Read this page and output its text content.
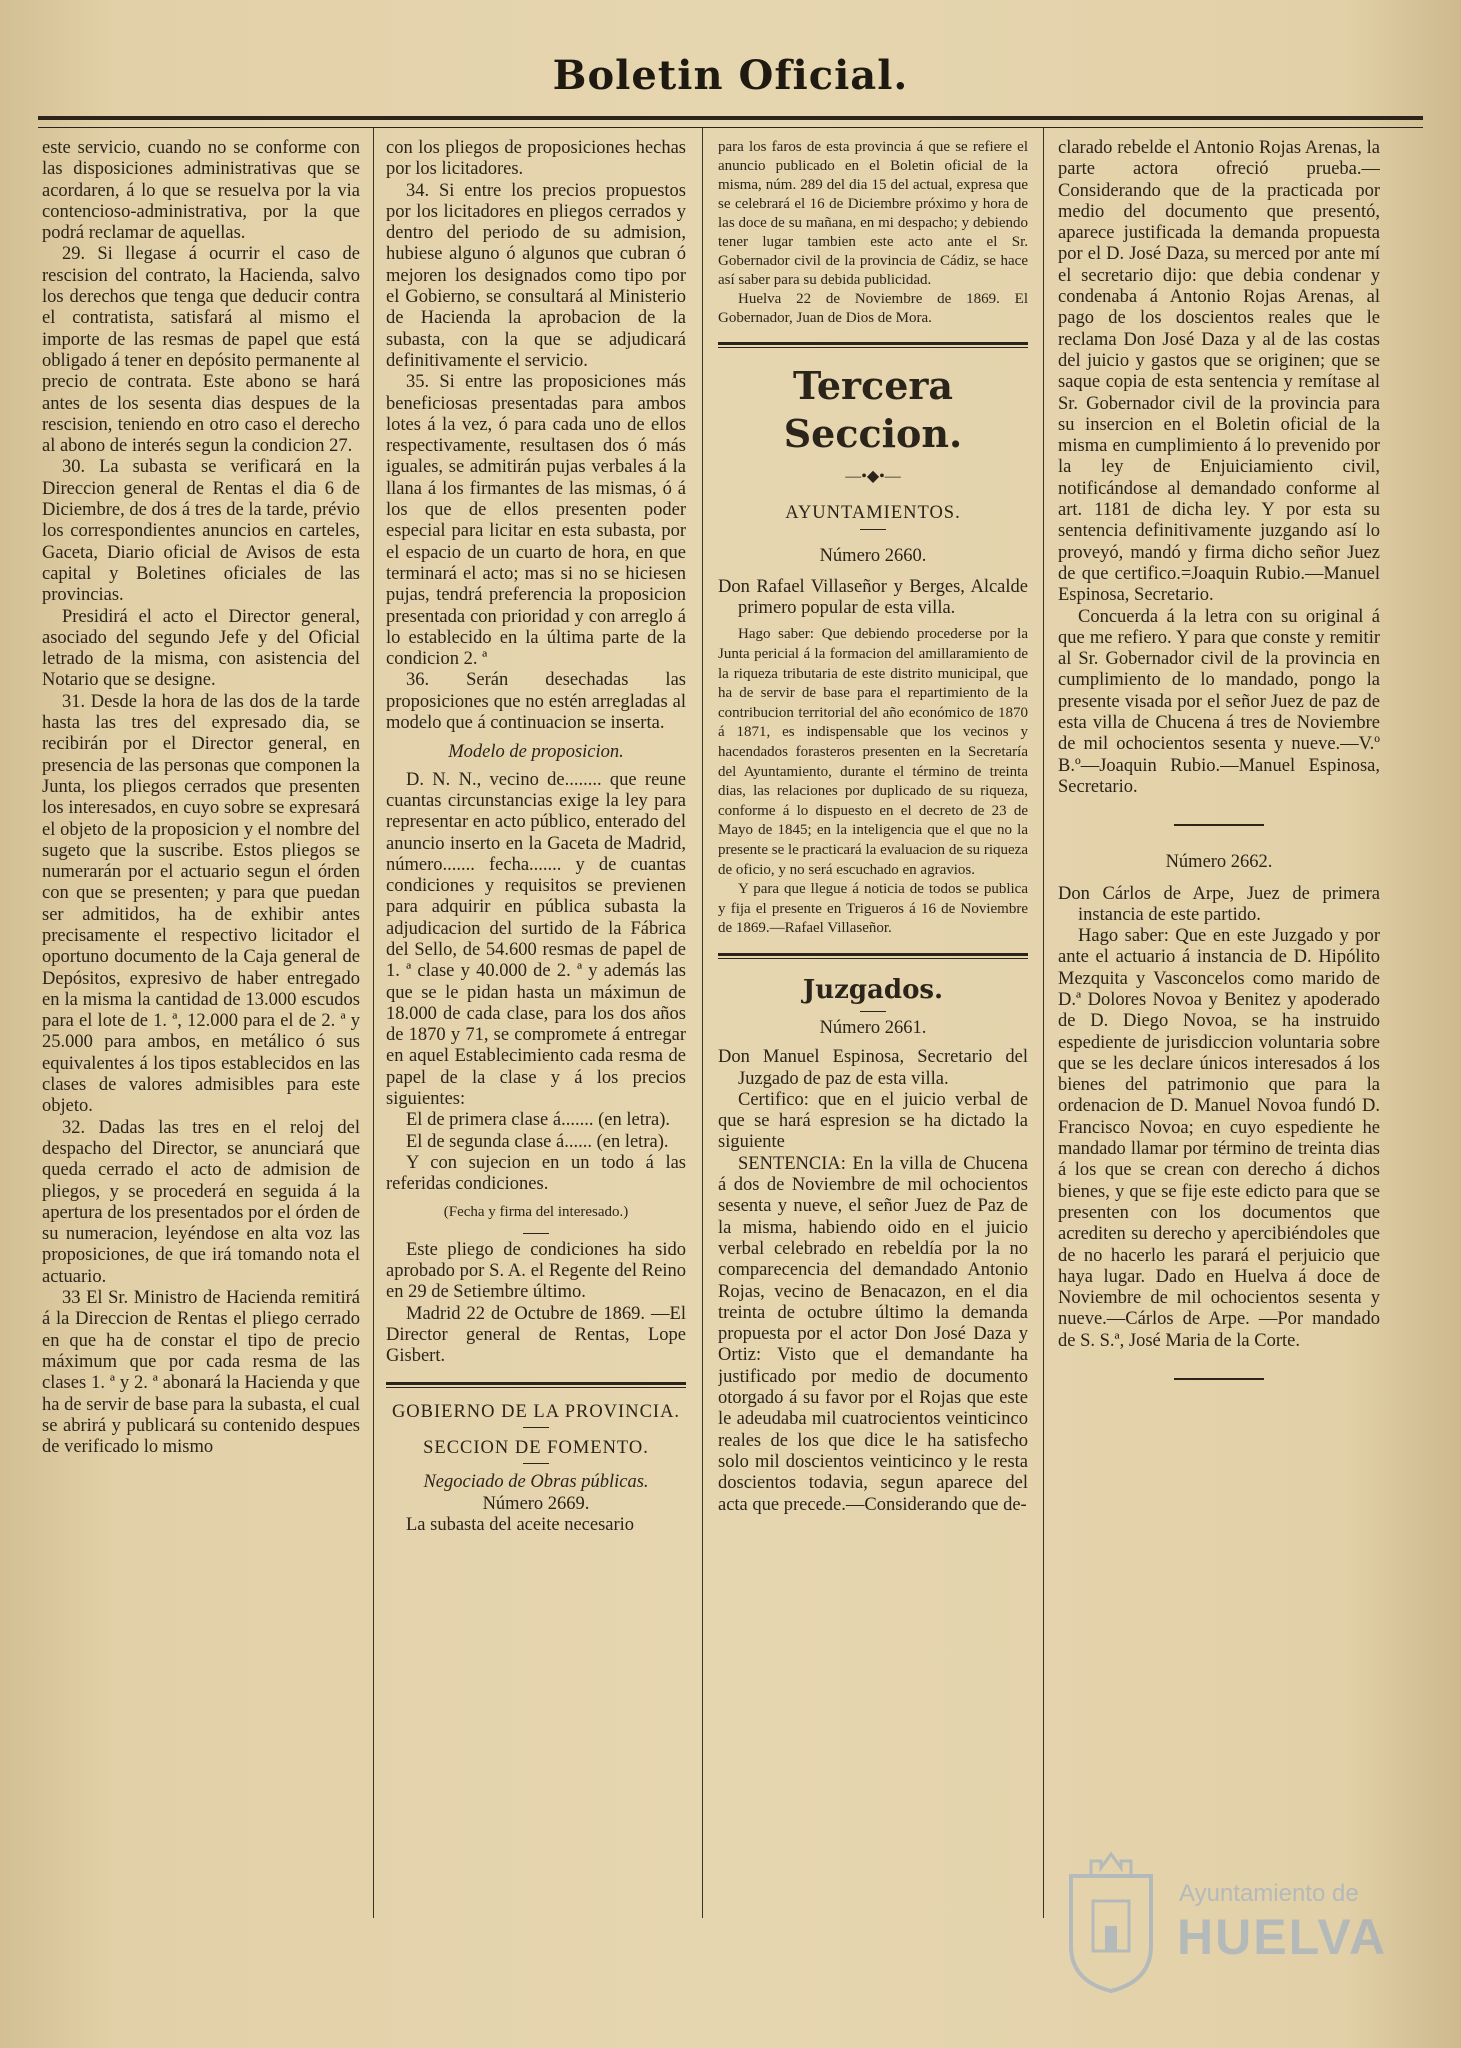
Boletin Oficial.

este servicio, cuando no se conforme con las disposiciones administrativas que se acordaren, á lo que se resuelva por la via contencioso-administrativa, por la que podrá reclamar de aquellas.

29. Si llegase á ocurrir el caso de rescision del contrato, la Hacienda, salvo los derechos que tenga que deducir contra el contratista, satisfará al mismo el importe de las resmas de papel que está obligado á tener en depósito permanente al precio de contrata. Este abono se hará antes de los sesenta dias despues de la rescision, teniendo en otro caso el derecho al abono de interés segun la condicion 27.

30. La subasta se verificará en la Direccion general de Rentas el dia 6 de Diciembre, de dos á tres de la tarde, prévio los correspondientes anuncios en carteles, Gaceta, Diario oficial de Avisos de esta capital y Boletines oficiales de las provincias.

Presidirá el acto el Director general, asociado del segundo Jefe y del Oficial letrado de la misma, con asistencia del Notario que se designe.

31. Desde la hora de las dos de la tarde hasta las tres del expresado dia, se recibirán por el Director general, en presencia de las personas que componen la Junta, los pliegos cerrados que presenten los interesados, en cuyo sobre se expresará el objeto de la proposicion y el nombre del sugeto que la suscribe. Estos pliegos se numerarán por el actuario segun el órden con que se presenten; y para que puedan ser admitidos, ha de exhibir antes precisamente el respectivo licitador el oportuno documento de la Caja general de Depósitos, expresivo de haber entregado en la misma la cantidad de 13.000 escudos para el lote de 1. ª, 12.000 para el de 2. ª y 25.000 para ambos, en metálico ó sus equivalentes á los tipos establecidos en las clases de valores admisibles para este objeto.

32. Dadas las tres en el reloj del despacho del Director, se anunciará que queda cerrado el acto de admision de pliegos, y se procederá en seguida á la apertura de los presentados por el órden de su numeracion, leyéndose en alta voz las proposiciones, de que irá tomando nota el actuario.

33 El Sr. Ministro de Hacienda remitirá á la Direccion de Rentas el pliego cerrado en que ha de constar el tipo de precio máximum que por cada resma de las clases 1. ª y 2. ª abonará la Hacienda y que ha de servir de base para la subasta, el cual se abrirá y publicará su contenido despues de verificado lo mismo

con los pliegos de proposiciones hechas por los licitadores.

34. Si entre los precios propuestos por los licitadores en pliegos cerrados y dentro del periodo de su admision, hubiese alguno ó algunos que cubran ó mejoren los designados como tipo por el Gobierno, se consultará al Ministerio de Hacienda la aprobacion de la subasta, con la que se adjudicará definitivamente el servicio.

35. Si entre las proposiciones más beneficiosas presentadas para ambos lotes á la vez, ó para cada uno de ellos respectivamente, resultasen dos ó más iguales, se admitirán pujas verbales á la llana á los firmantes de las mismas, ó á los que de ellos presenten poder especial para licitar en esta subasta, por el espacio de un cuarto de hora, en que terminará el acto; mas si no se hiciesen pujas, tendrá preferencia la proposicion presentada con prioridad y con arreglo á lo establecido en la última parte de la condicion 2. ª

36. Serán desechadas las proposiciones que no estén arregladas al modelo que á continuacion se inserta.

Modelo de proposicion.

D. N. N., vecino de........ que reune cuantas circunstancias exige la ley para representar en acto público, enterado del anuncio inserto en la Gaceta de Madrid, número....... fecha....... y de cuantas condiciones y requisitos se previenen para adquirir en pública subasta la adjudicacion del surtido de la Fábrica del Sello, de 54.600 resmas de papel de 1. ª clase y 40.000 de 2. ª y además las que se le pidan hasta un máximun de 18.000 de cada clase, para los dos años de 1870 y 71, se compromete á entregar en aquel Establecimiento cada resma de papel de la clase y á los precios siguientes:

El de primera clase á....... (en letra).

El de segunda clase á...... (en letra).

Y con sujecion en un todo á las referidas condiciones.

(Fecha y firma del interesado.)

Este pliego de condiciones ha sido aprobado por S. A. el Regente del Reino en 29 de Setiembre último.

Madrid 22 de Octubre de 1869. —El Director general de Rentas, Lope Gisbert.

GOBIERNO DE LA PROVINCIA.

SECCION DE FOMENTO.

Negociado de Obras públicas.

Número 2669.

La subasta del aceite necesario

para los faros de esta provincia á que se refiere el anuncio publicado en el Boletin oficial de la misma, núm. 289 del dia 15 del actual, expresa que se celebrará el 16 de Diciembre próximo y hora de las doce de su mañana, en mi despacho; y debiendo tener lugar tambien este acto ante el Sr. Gobernador civil de la provincia de Cádiz, se hace así saber para su debida publicidad.

Huelva 22 de Noviembre de 1869. El Gobernador, Juan de Dios de Mora.

Tercera Seccion.

—•◆•—

AYUNTAMIENTOS.

Número 2660.

Don Rafael Villaseñor y Berges, Alcalde primero popular de esta villa.

Hago saber: Que debiendo procederse por la Junta pericial á la formacion del amillaramiento de la riqueza tributaria de este distrito municipal, que ha de servir de base para el repartimiento de la contribucion territorial del año económico de 1870 á 1871, es indispensable que los vecinos y hacendados forasteros presenten en la Secretaría del Ayuntamiento, durante el término de treinta dias, las relaciones por duplicado de su riqueza, conforme á lo dispuesto en el decreto de 23 de Mayo de 1845; en la inteligencia que el que no la presente se le practicará la evaluacion de su riqueza de oficio, y no será escuchado en agravios.

Y para que llegue á noticia de todos se publica y fija el presente en Trigueros á 16 de Noviembre de 1869.—Rafael Villaseñor.

Juzgados.

Número 2661.

Don Manuel Espinosa, Secretario del Juzgado de paz de esta villa.

Certifico: que en el juicio verbal de que se hará espresion se ha dictado la siguiente

SENTENCIA: En la villa de Chucena á dos de Noviembre de mil ochocientos sesenta y nueve, el señor Juez de Paz de la misma, habiendo oido en el juicio verbal celebrado en rebeldía por la no comparecencia del demandado Antonio Rojas, vecino de Benacazon, en el dia treinta de octubre último la demanda propuesta por el actor Don José Daza y Ortiz: Visto que el demandante ha justificado por medio de documento otorgado á su favor por el Rojas que este le adeudaba mil cuatrocientos veinticinco reales de los que dice le ha satisfecho solo mil doscientos veinticinco y le resta doscientos todavia, segun aparece del acta que precede.—Considerando que de-

clarado rebelde el Antonio Rojas Arenas, la parte actora ofreció prueba.—Considerando que de la practicada por medio del documento que presentó, aparece justificada la demanda propuesta por el D. José Daza, su merced por ante mí el secretario dijo: que debia condenar y condenaba á Antonio Rojas Arenas, al pago de los doscientos reales que le reclama Don José Daza y al de las costas del juicio y gastos que se originen; que se saque copia de esta sentencia y remítase al Sr. Gobernador civil de la provincia para su insercion en el Boletin oficial de la misma en cumplimiento á lo prevenido por la ley de Enjuiciamiento civil, notificándose al demandado conforme al art. 1181 de dicha ley. Y por esta su sentencia definitivamente juzgando así lo proveyó, mandó y firma dicho señor Juez de que certifico.=Joaquin Rubio.—Manuel Espinosa, Secretario.

Concuerda á la letra con su original á que me refiero. Y para que conste y remitir al Sr. Gobernador civil de la provincia en cumplimiento de lo mandado, pongo la presente visada por el señor Juez de paz de esta villa de Chucena á tres de Noviembre de mil ochocientos sesenta y nueve.—V.º B.º—Joaquin Rubio.—Manuel Espinosa, Secretario.

Número 2662.

Don Cárlos de Arpe, Juez de primera instancia de este partido.

Hago saber: Que en este Juzgado y por ante el actuario á instancia de D. Hipólito Mezquita y Vasconcelos como marido de D.ª Dolores Novoa y Benitez y apoderado de D. Diego Novoa, se ha instruido espediente de jurisdiccion voluntaria sobre que se les declare únicos interesados á los bienes del patrimonio que para la ordenacion de D. Manuel Novoa fundó D. Francisco Novoa; en cuyo espediente he mandado llamar por término de treinta dias á los que se crean con derecho á dichos bienes, y que se fije este edicto para que se presenten con los documentos que acrediten su derecho y apercibiéndoles que de no hacerlo les parará el perjuicio que haya lugar. Dado en Huelva á doce de Noviembre de mil ochocientos sesenta y nueve.—Cárlos de Arpe. —Por mandado de S. S.ª, José Maria de la Corte.

Ayuntamiento de
HUELVA
